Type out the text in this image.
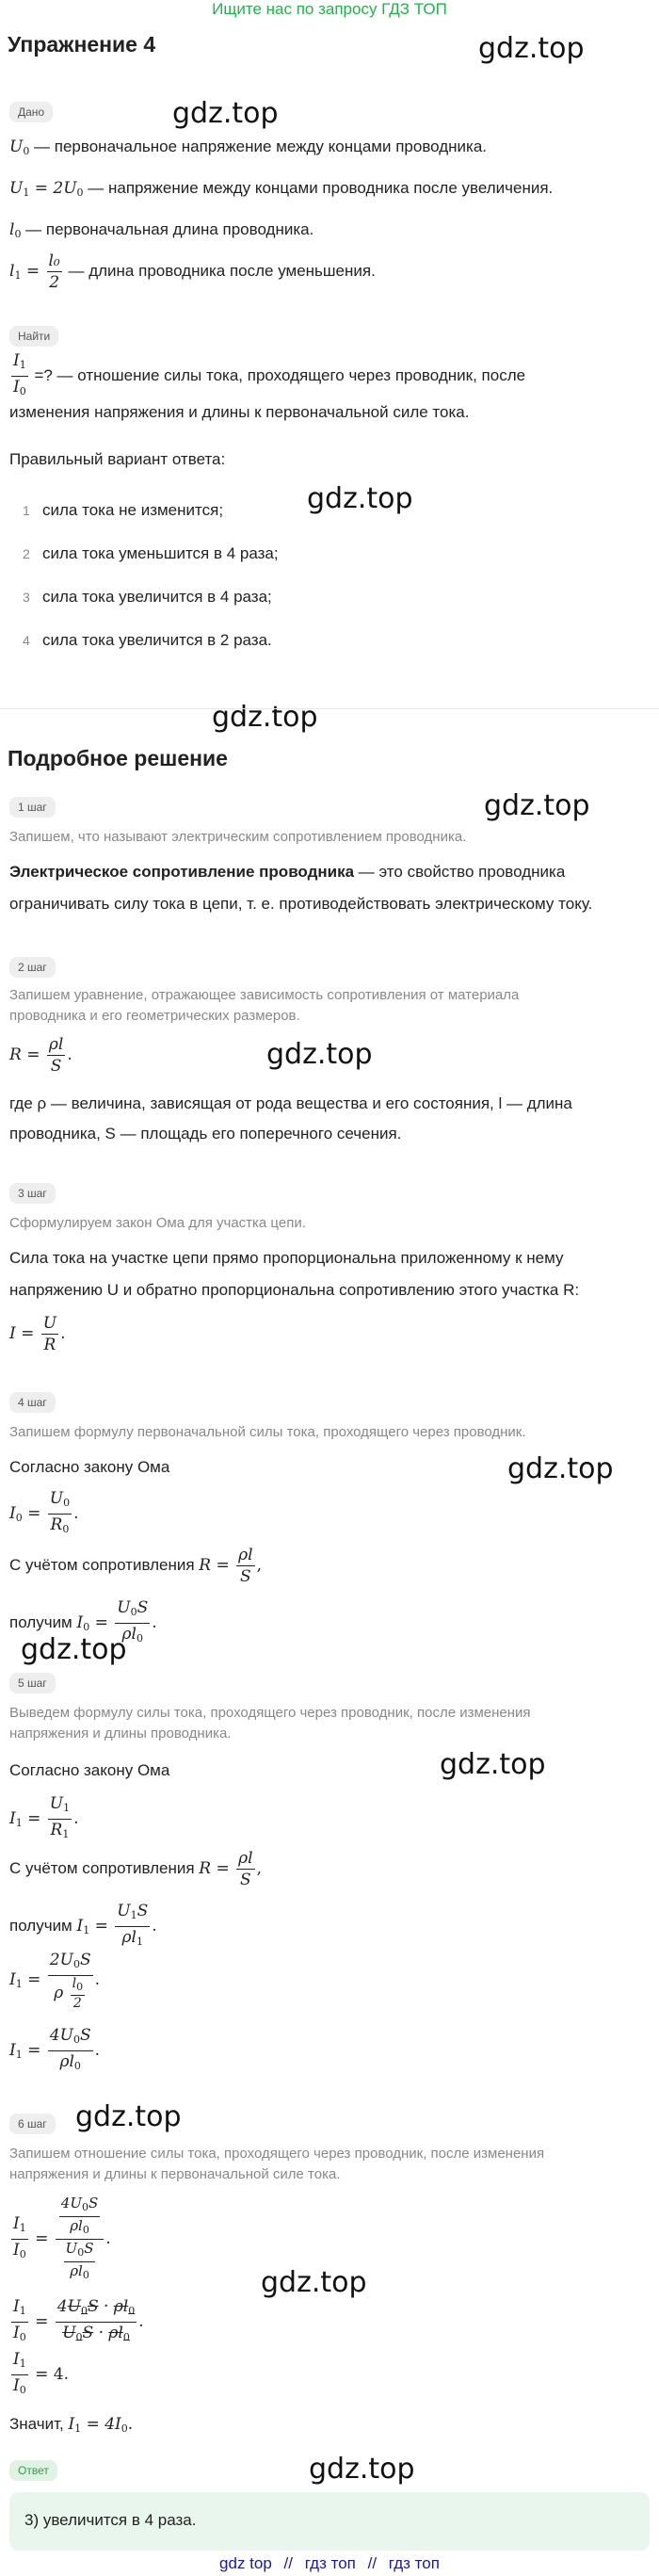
Ищите нас по запросу ГДЗ ТОП
Упражнение 4	gdz.top
gdz.top
gdz.top
gdz.top
gdz.top
gdz.top
gdz.top
gdz.top
gdz.top
gdz.top
gdz.top
gdz.top
Дано
$U_0$ — первоначальное напряжение между концами проводника.
$U_1 = 2U_0$ — напряжение между концами проводника после увеличения.
$l_0$ — первоначальная длина проводника.
$l_1 = \frac{\text{l₀}}{2}$ — длина проводника после уменьшения.
Найти
$\frac{I_1}{I_0}$ =? — отношение силы тока, проходящего через проводник, после
изменения напряжения и длины к первоначальной силе тока.
Правильный вариант ответа:
1 сила тока не изменится;
2 сила тока уменьшится в 4 раза;
3 сила тока увеличится в 4 раза;
4 сила тока увеличится в 2 раза.
Подробное решение
1 шаг
Запишем, что называют электрическим сопротивлением проводника.
Электрическое сопротивление проводника — это свойство проводника
ограничивать силу тока в цепи, т. е. противодействовать электрическому току.
2 шаг
Запишем уравнение, отражающее зависимость сопротивления от материала
проводника и его геометрических размеров.
$R = \frac{\rho l}{S}$ .
где ρ — величина, зависящая от рода вещества и его состояния, l — длина
проводника, S — площадь его поперечного сечения.
3 шаг
Сформулируем закон Ома для участка цепи.
Сила тока на участке цепи прямо пропорциональна приложенному к нему
напряжению U и обратно пропорциональна сопротивлению этого участка R:
$I = \frac{U}{R}$ .
4 шаг
Запишем формулу первоначальной силы тока, проходящего через проводник.
Согласно закону Ома
$I_0 = \frac{U_0}{R_0}$ .
С учётом сопротивления $R = \frac{\rho l}{S}$ ,
получим $I_0 = \frac{U_0S}{\rho l_0}$ .
5 шаг
Выведем формулу силы тока, проходящего через проводник, после изменения
напряжения и длины проводника.
Согласно закону Ома
$I_1 = \frac{U_1}{R_1}$ .
С учётом сопротивления $R = \frac{\rho l}{S}$ ,
получим $I_1 = \frac{U_1S}{\rho l_1}$ .
$I_1 = \frac{2U_0S}{\rho \frac{l_0}{2}}$ .
$I_1 = \frac{4U_0S}{\rho l_0}$ .
6 шаг
Запишем отношение силы тока, проходящего через проводник, после изменения
напряжения и длины к первоначальной силе тока.
$\frac{I_1}{I_0} = \frac{\frac{4U_0S}{\rho l_0}}{\frac{U_0S}{\rho l_0}}$ .
$\frac{I_1}{I_0} = \frac{4U_0S \cdot \rho l_0}{U_0S \cdot \rho l_0}$ .
$\frac{I_1}{I_0} = 4$.
Значит, $I_1 = 4I_0$.
Ответ
3) увеличится в 4 раза.
gdz top // гдз топ // гдз топ
